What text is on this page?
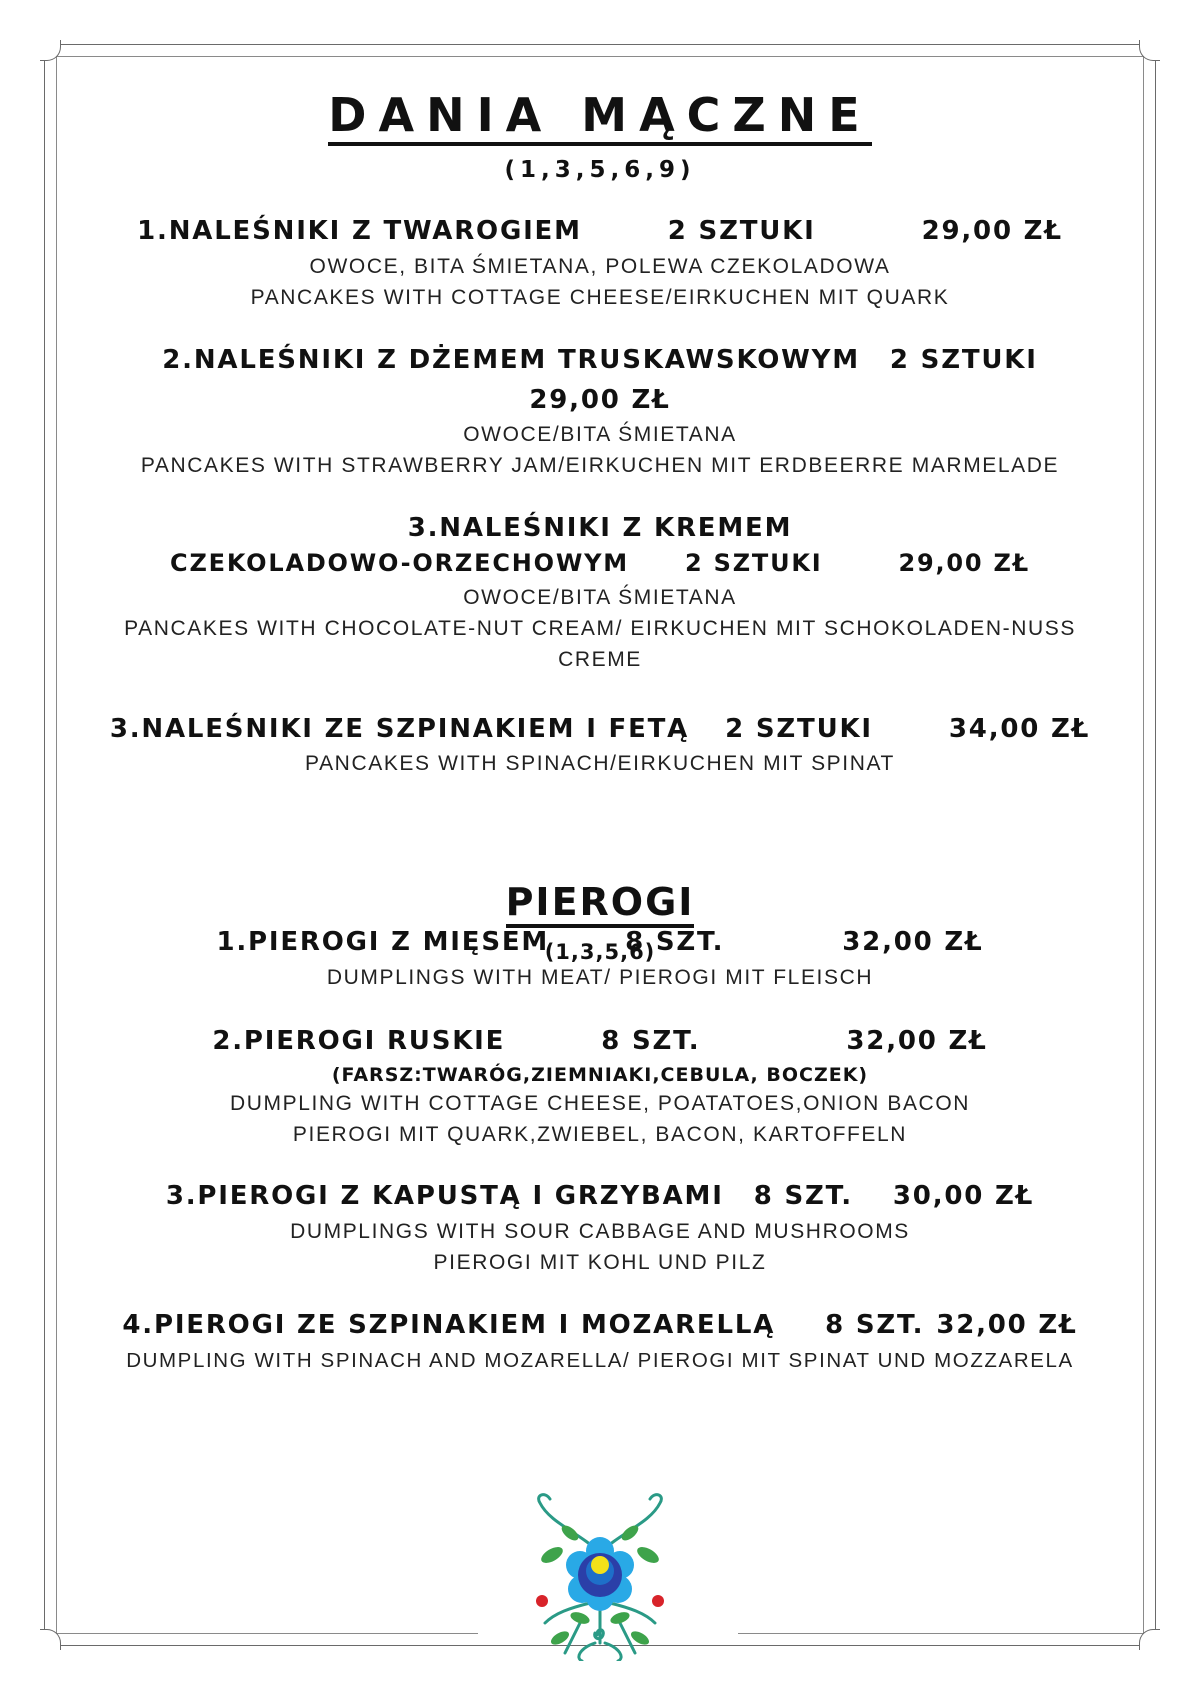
DANIA MĄCZNE
(1,3,5,6,9)
1.NALEŚNIKI Z TWAROGIEM	2 SZTUKI	29,00 ZŁ
OWOCE, BITA ŚMIETANA, POLEWA CZEKOLADOWA
PANCAKES WITH COTTAGE CHEESE/EIRKUCHEN MIT QUARK
2.NALEŚNIKI Z DŻEMEM TRUSKAWSKOWYM 2 SZTUKI
29,00 ZŁ
OWOCE/BITA ŚMIETANA
PANCAKES WITH STRAWBERRY JAM/EIRKUCHEN MIT ERDBEERRE MARMELADE
3.NALEŚNIKI Z KREMEM
CZEKOLADOWO-ORZECHOWYM 2 SZTUKI	29,00 ZŁ
OWOCE/BITA ŚMIETANA
PANCAKES WITH CHOCOLATE-NUT CREAM/ EIRKUCHEN MIT SCHOKOLADEN-NUSS
CREME
3.NALEŚNIKI ZE SZPINAKIEM I FETĄ 2 SZTUKI	34,00 ZŁ
PANCAKES WITH SPINACH/EIRKUCHEN MIT SPINAT
PIEROGI
(1,3,5,6)
1.PIEROGI Z MIĘSEM	8 SZT.	32,00 ZŁ
DUMPLINGS WITH MEAT/ PIEROGI MIT FLEISCH
2.PIEROGI RUSKIE	8 SZT.	32,00 ZŁ
(FARSZ:TWARÓG,ZIEMNIAKI,CEBULA, BOCZEK)
DUMPLING WITH COTTAGE CHEESE, POATATOES,ONION BACON
PIEROGI MIT QUARK,ZWIEBEL, BACON, KARTOFFELN
3.PIEROGI Z KAPUSTĄ I GRZYBAMI 8 SZT. 30,00 ZŁ
DUMPLINGS WITH SOUR CABBAGE AND MUSHROOMS
PIEROGI MIT KOHL UND PILZ
4.PIEROGI ZE SZPINAKIEM I MOZARELLĄ 8 SZT. 32,00 ZŁ
DUMPLING WITH SPINACH AND MOZARELLA/ PIEROGI MIT SPINAT UND MOZZARELA
